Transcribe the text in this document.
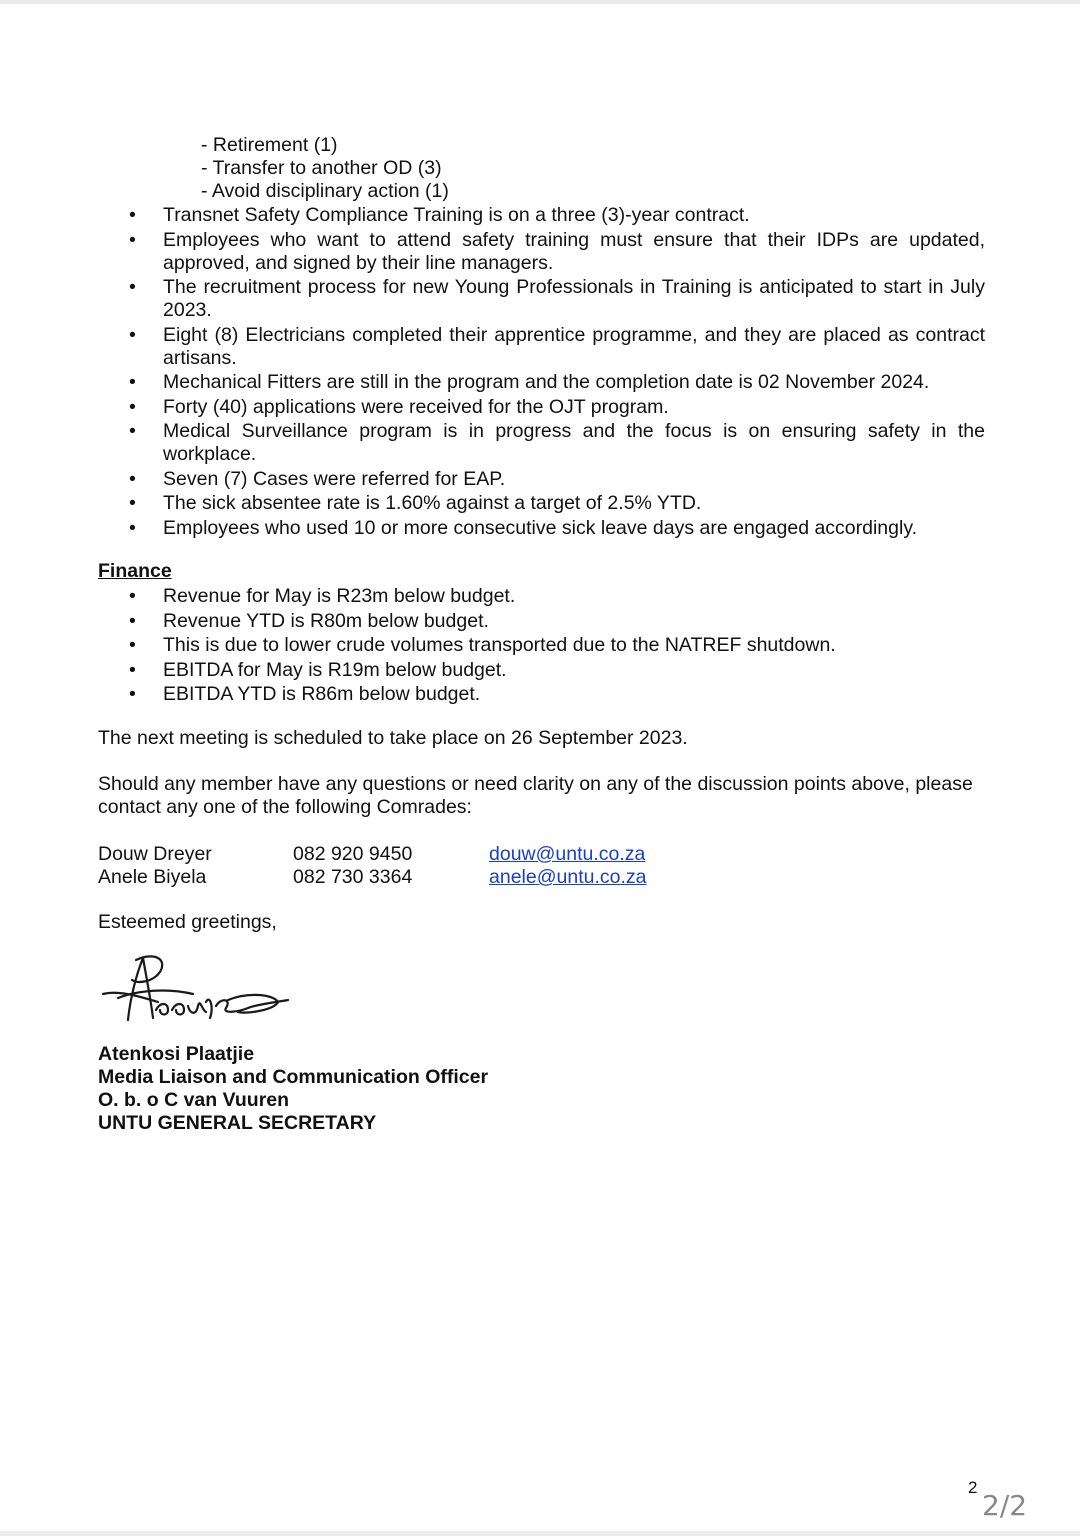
- Retirement (1)
- Transfer to another OD (3)
- Avoid disciplinary action (1)
• Transnet Safety Compliance Training is on a three (3)-year contract.
• Employees who want to attend safety training must ensure that their IDPs are updated, approved, and signed by their line managers.
• The recruitment process for new Young Professionals in Training is anticipated to start in July 2023.
• Eight (8) Electricians completed their apprentice programme, and they are placed as contract artisans.
• Mechanical Fitters are still in the program and the completion date is 02 November 2024.
• Forty (40) applications were received for the OJT program.
• Medical Surveillance program is in progress and the focus is on ensuring safety in the workplace.
• Seven (7) Cases were referred for EAP.
• The sick absentee rate is 1.60% against a target of 2.5% YTD.
• Employees who used 10 or more consecutive sick leave days are engaged accordingly.
Finance
• Revenue for May is R23m below budget.
• Revenue YTD is R80m below budget.
• This is due to lower crude volumes transported due to the NATREF shutdown.
• EBITDA for May is R19m below budget.
• EBITDA YTD is R86m below budget.
The next meeting is scheduled to take place on 26 September 2023.
Should any member have any questions or need clarity on any of the discussion points above, please contact any one of the following Comrades:
Douw Dreyer	082 920 9450	douw@untu.co.za
Anele Biyela	082 730 3364	anele@untu.co.za
Esteemed greetings,
Atenkosi Plaatjie
Media Liaison and Communication Officer
O. b. o C van Vuuren
UNTU GENERAL SECRETARY
2
2/2
